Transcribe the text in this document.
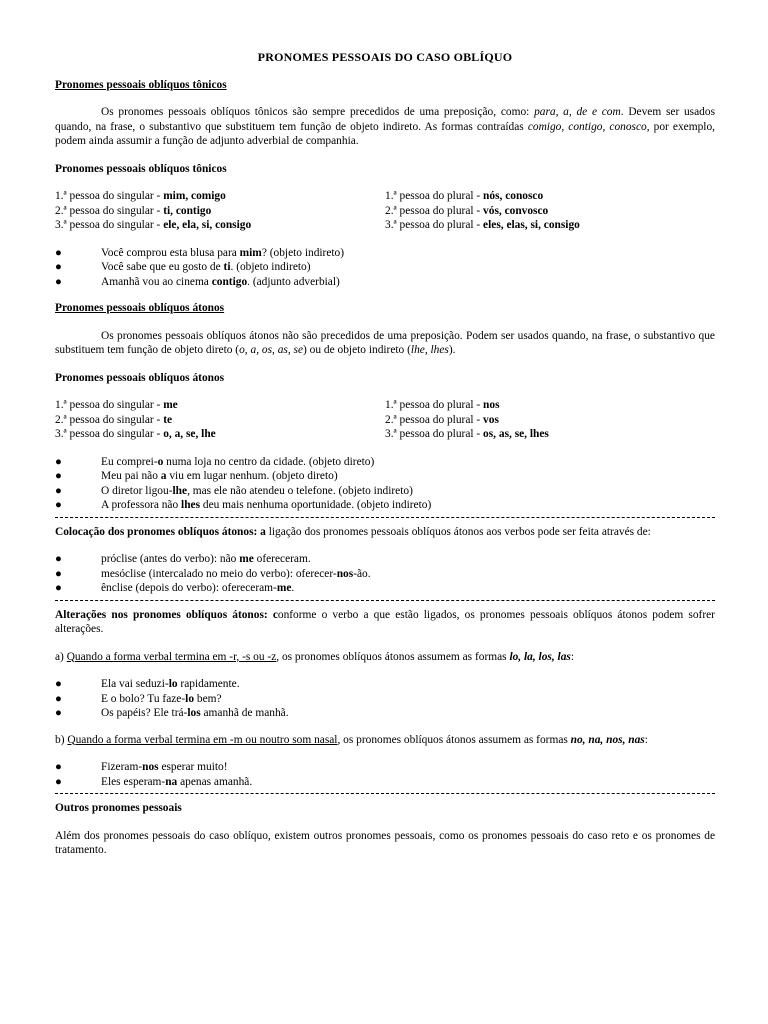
PRONOMES PESSOAIS DO CASO OBLÍQUO
Pronomes pessoais oblíquos tônicos
Os pronomes pessoais oblíquos tônicos são sempre precedidos de uma preposição, como: para, a, de e com. Devem ser usados quando, na frase, o substantivo que substituem tem função de objeto indireto. As formas contraídas comigo, contigo, conosco, por exemplo, podem ainda assumir a função de adjunto adverbial de companhia.
Pronomes pessoais oblíquos tônicos
1.ª pessoa do singular - mim, comigo
2.ª pessoa do singular - ti, contigo
3.ª pessoa do singular - ele, ela, si, consigo
1.ª pessoa do plural - nós, conosco
2.ª pessoa do plural - vós, convosco
3.ª pessoa do plural - eles, elas, si, consigo
●	Você comprou esta blusa para mim? (objeto indireto)
●	Você sabe que eu gosto de ti. (objeto indireto)
●	Amanhã vou ao cinema contigo. (adjunto adverbial)
Pronomes pessoais oblíquos átonos
Os pronomes pessoais oblíquos átonos não são precedidos de uma preposição. Podem ser usados quando, na frase, o substantivo que substituem tem função de objeto direto (o, a, os, as, se) ou de objeto indireto (lhe, lhes).
Pronomes pessoais oblíquos átonos
1.ª pessoa do singular - me
2.ª pessoa do singular - te
3.ª pessoa do singular - o, a, se, lhe
1.ª pessoa do plural - nos
2.ª pessoa do plural - vos
3.ª pessoa do plural - os, as, se, lhes
●	Eu comprei-o numa loja no centro da cidade. (objeto direto)
●	Meu pai não a viu em lugar nenhum. (objeto direto)
●	O diretor ligou-lhe, mas ele não atendeu o telefone. (objeto indireto)
●	A professora não lhes deu mais nenhuma oportunidade. (objeto indireto)
Colocação dos pronomes oblíquos átonos: a ligação dos pronomes pessoais oblíquos átonos aos verbos pode ser feita através de:
●	próclise (antes do verbo): não me ofereceram.
●	mesóclise (intercalado no meio do verbo): oferecer-nos-ão.
●	ênclise (depois do verbo): ofereceram-me.
Alterações nos pronomes oblíquos átonos: conforme o verbo a que estão ligados, os pronomes pessoais oblíquos átonos podem sofrer alterações.
a) Quando a forma verbal termina em -r, -s ou -z, os pronomes oblíquos átonos assumem as formas lo, la, los, las:
●	Ela vai seduzi-lo rapidamente.
●	E o bolo? Tu faze-lo bem?
●	Os papéis? Ele trá-los amanhã de manhã.
b) Quando a forma verbal termina em -m ou noutro som nasal, os pronomes oblíquos átonos assumem as formas no, na, nos, nas:
●	Fizeram-nos esperar muito!
●	Eles esperam-na apenas amanhã.
Outros pronomes pessoais
Além dos pronomes pessoais do caso oblíquo, existem outros pronomes pessoais, como os pronomes pessoais do caso reto e os pronomes de tratamento.
